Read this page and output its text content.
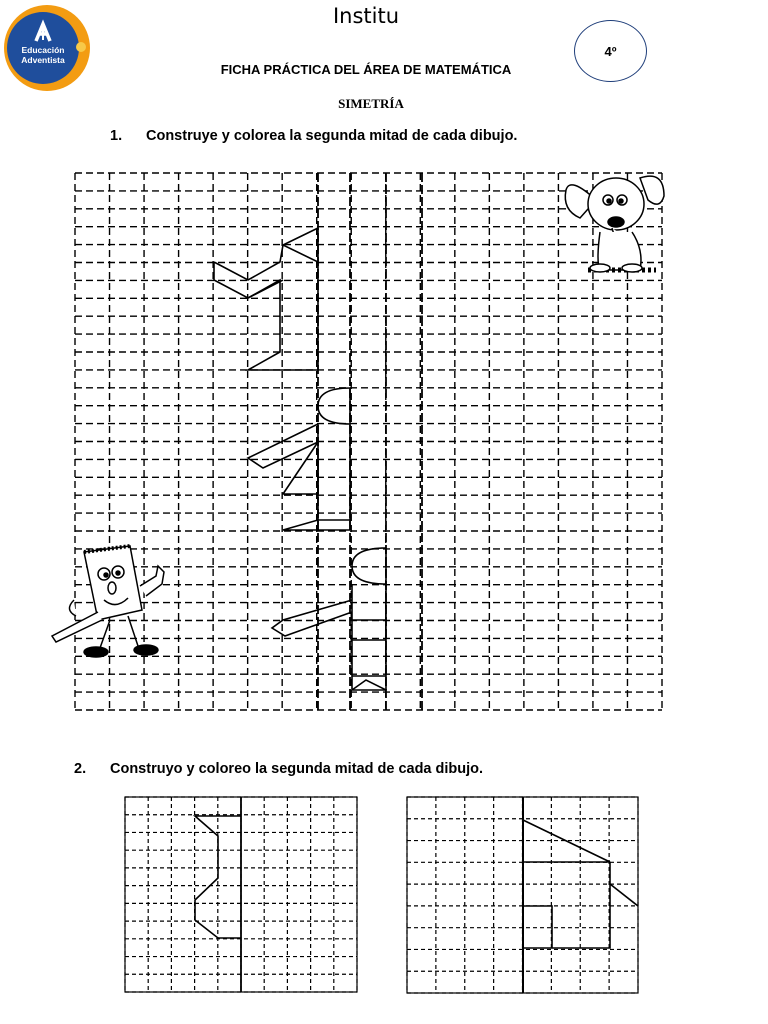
Educación
Adventista
Institu
FICHA PRÁCTICA DEL ÁREA DE MATEMÁTICA
SIMETRÍA
4º
1. Construye y colorea la segunda mitad de cada dibujo.
2. Construyo y coloreo la segunda mitad de cada dibujo.
